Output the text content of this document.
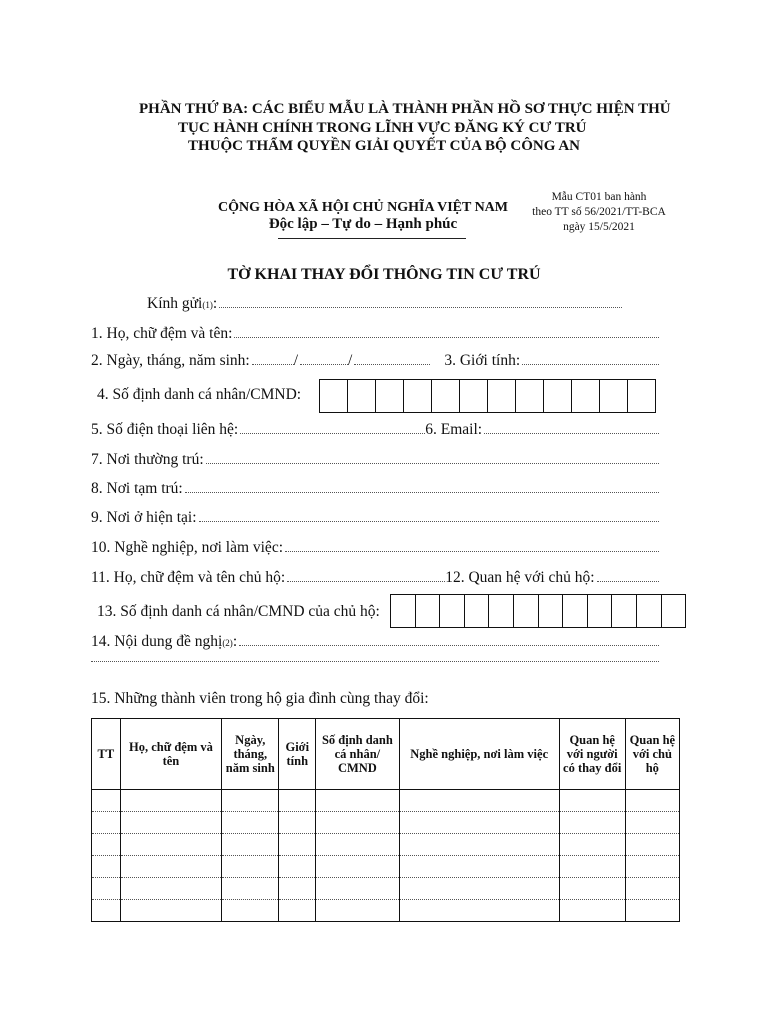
PHẦN THỨ BA: CÁC BIỂU MẪU LÀ THÀNH PHẦN HỒ SƠ THỰC HIỆN THỦ
TỤC HÀNH CHÍNH TRONG LĨNH VỰC ĐĂNG KÝ CƯ TRÚ
THUỘC THẨM QUYỀN GIẢI QUYẾT CỦA BỘ CÔNG AN
CỘNG HÒA XÃ HỘI CHỦ NGHĨA VIỆT NAM
Độc lập – Tự do – Hạnh phúc
Mẫu CT01 ban hành
theo TT số 56/2021/TT-BCA
ngày 15/5/2021
TỜ KHAI THAY ĐỔI THÔNG TIN CƯ TRÚ
Kính gửi (1) :
1. Họ, chữ đệm và tên:
2. Ngày, tháng, năm sinh:	/	/	3. Giới tính:
4. Số định danh cá nhân/CMND:
5. Số điện thoại liên hệ:	6. Email:
7. Nơi thường trú:
8. Nơi tạm trú:
9. Nơi ở hiện tại:
10. Nghề nghiệp, nơi làm việc:
11. Họ, chữ đệm và tên chủ hộ:	12. Quan hệ với chủ hộ:
13. Số định danh cá nhân/CMND của chủ hộ:
14. Nội dung đề nghị (2) :
15. Những thành viên trong hộ gia đình cùng thay đổi:
TT	Họ, chữ đệm và tên	Ngày, tháng, năm sinh	Giới tính	Số định danh cá nhân/ CMND	Nghề nghiệp, nơi làm việc	Quan hệ với người có thay đổi	Quan hệ với chủ hộ
